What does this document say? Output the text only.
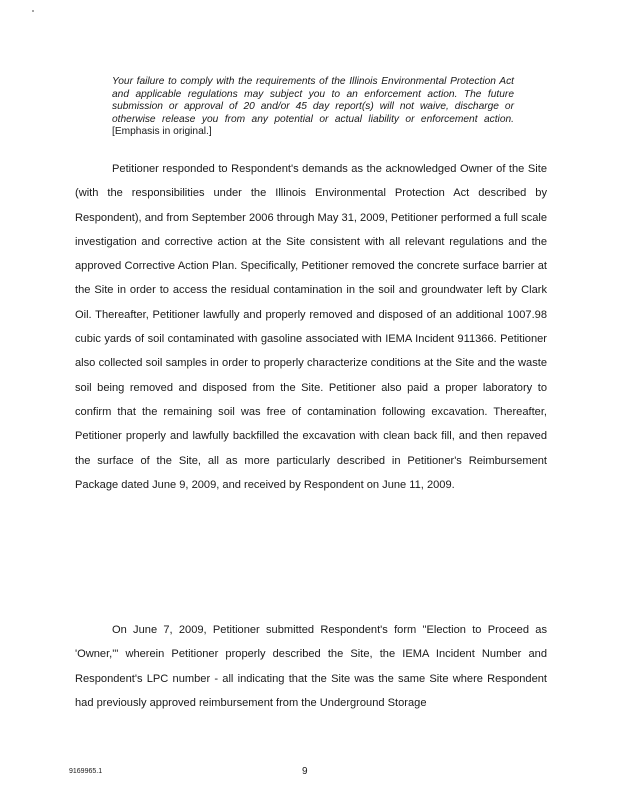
Your failure to comply with the requirements of the Illinois Environmental Protection Act and applicable regulations may subject you to an enforcement action. The future submission or approval of 20 and/or 45 day report(s) will not waive, discharge or otherwise release you from any potential or actual liability or enforcement action. [Emphasis in original.]

Petitioner responded to Respondent's demands as the acknowledged Owner of the Site (with the responsibilities under the Illinois Environmental Protection Act described by Respondent), and from September 2006 through May 31, 2009, Petitioner performed a full scale investigation and corrective action at the Site consistent with all relevant regulations and the approved Corrective Action Plan. Specifically, Petitioner removed the concrete surface barrier at the Site in order to access the residual contamination in the soil and groundwater left by Clark Oil. Thereafter, Petitioner lawfully and properly removed and disposed of an additional 1007.98 cubic yards of soil contaminated with gasoline associated with IEMA Incident 911366. Petitioner also collected soil samples in order to properly characterize conditions at the Site and the waste soil being removed and disposed from the Site. Petitioner also paid a proper laboratory to confirm that the remaining soil was free of contamination following excavation. Thereafter, Petitioner properly and lawfully backfilled the excavation with clean back fill, and then repaved the surface of the Site, all as more particularly described in Petitioner's Reimbursement Package dated June 9, 2009, and received by Respondent on June 11, 2009.

On June 7, 2009, Petitioner submitted Respondent's form "Election to Proceed as 'Owner,'" wherein Petitioner properly described the Site, the IEMA Incident Number and Respondent's LPC number - all indicating that the Site was the same Site where Respondent had previously approved reimbursement from the Underground Storage

9169965.1	9
